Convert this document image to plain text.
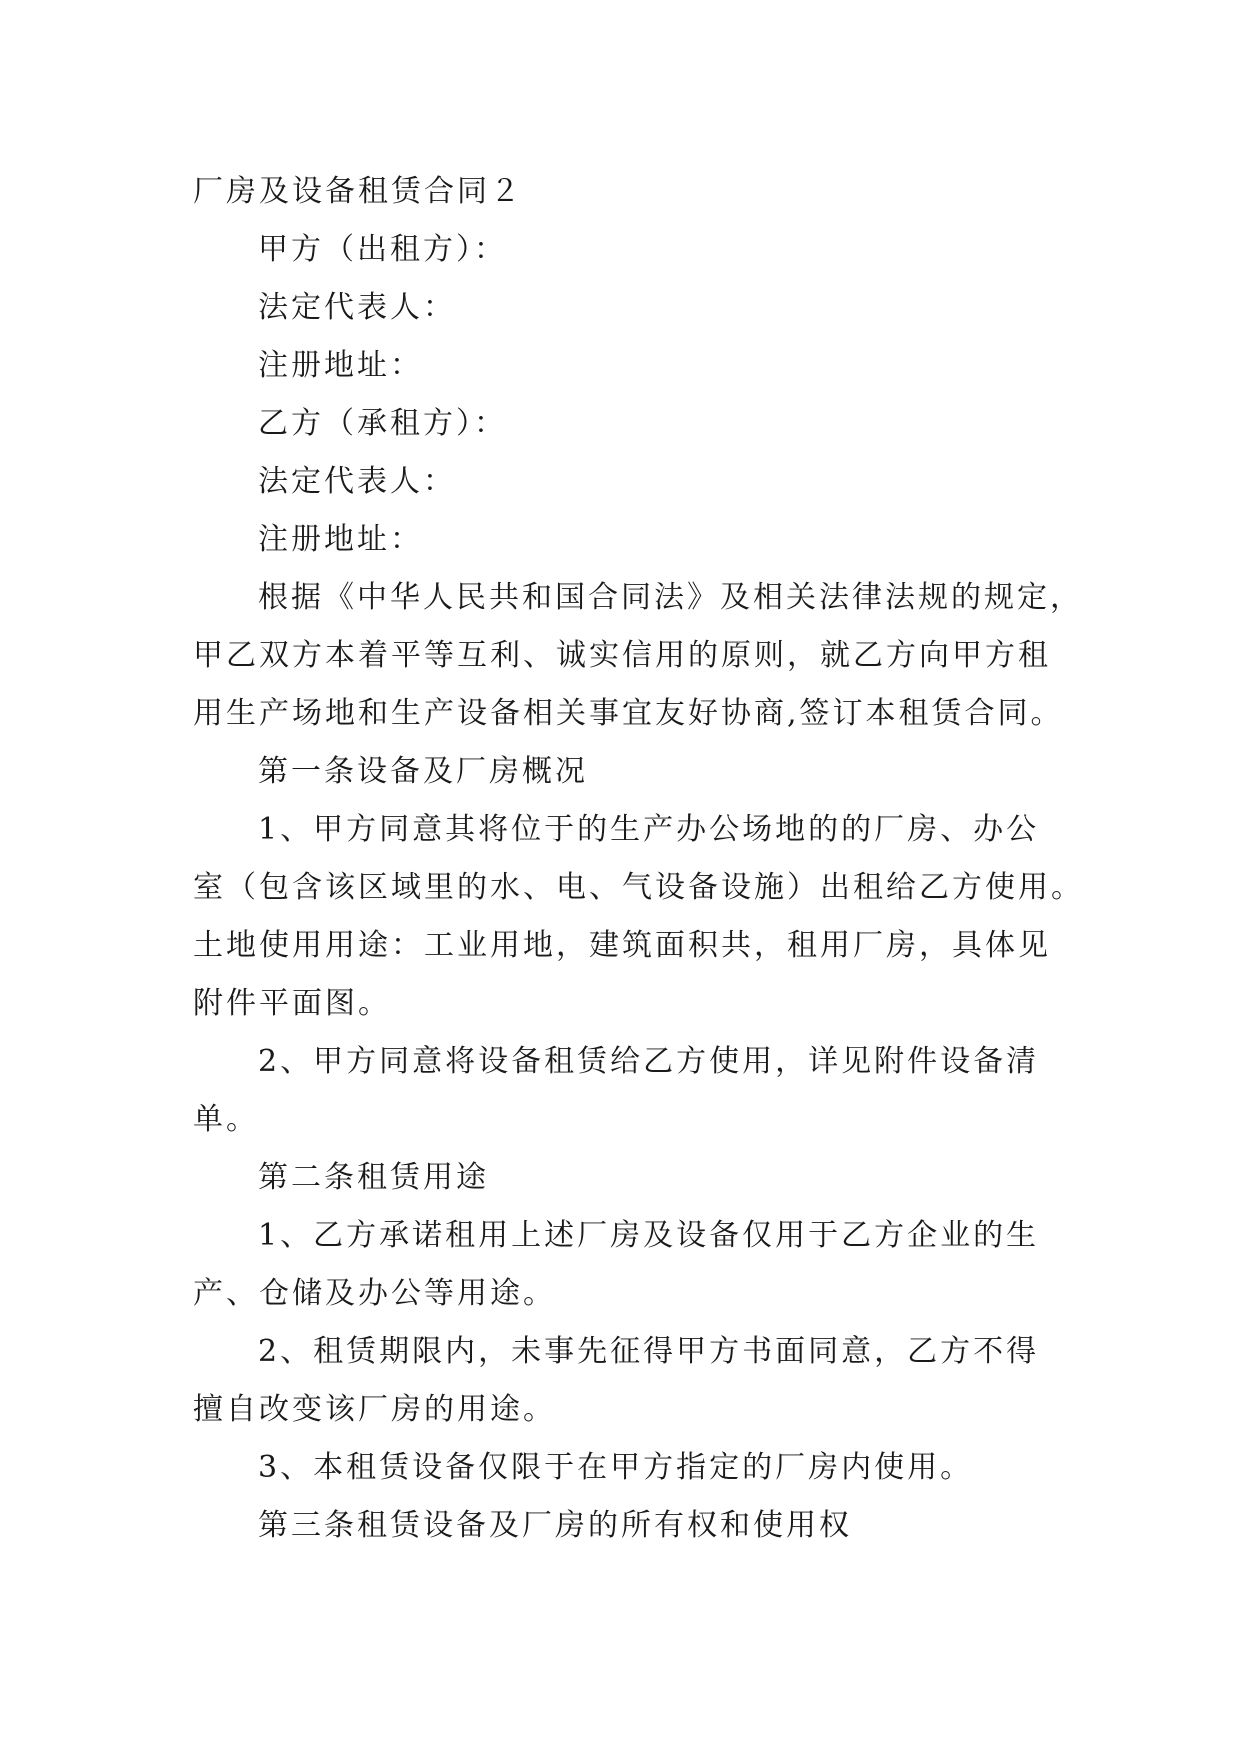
厂房及设备租赁合同２

甲方（出租方）：

法定代表人：

注册地址：

乙方（承租方）：

法定代表人：

注册地址：

根据《中华人民共和国合同法》及相关法律法规的规定，

甲乙双方本着平等互利、诚实信用的原则，就乙方向甲方租

用生产场地和生产设备相关事宜友好协商,签订本租赁合同。

第一条设备及厂房概况

1、甲方同意其将位于的生产办公场地的的厂房、办公

室（包含该区域里的水、电、气设备设施）出租给乙方使用。

土地使用用途：工业用地，建筑面积共，租用厂房，具体见

附件平面图。

2、甲方同意将设备租赁给乙方使用，详见附件设备清

单。

第二条租赁用途

1、乙方承诺租用上述厂房及设备仅用于乙方企业的生

产、仓储及办公等用途。

2、租赁期限内，未事先征得甲方书面同意，乙方不得

擅自改变该厂房的用途。

3、本租赁设备仅限于在甲方指定的厂房内使用。

第三条租赁设备及厂房的所有权和使用权
